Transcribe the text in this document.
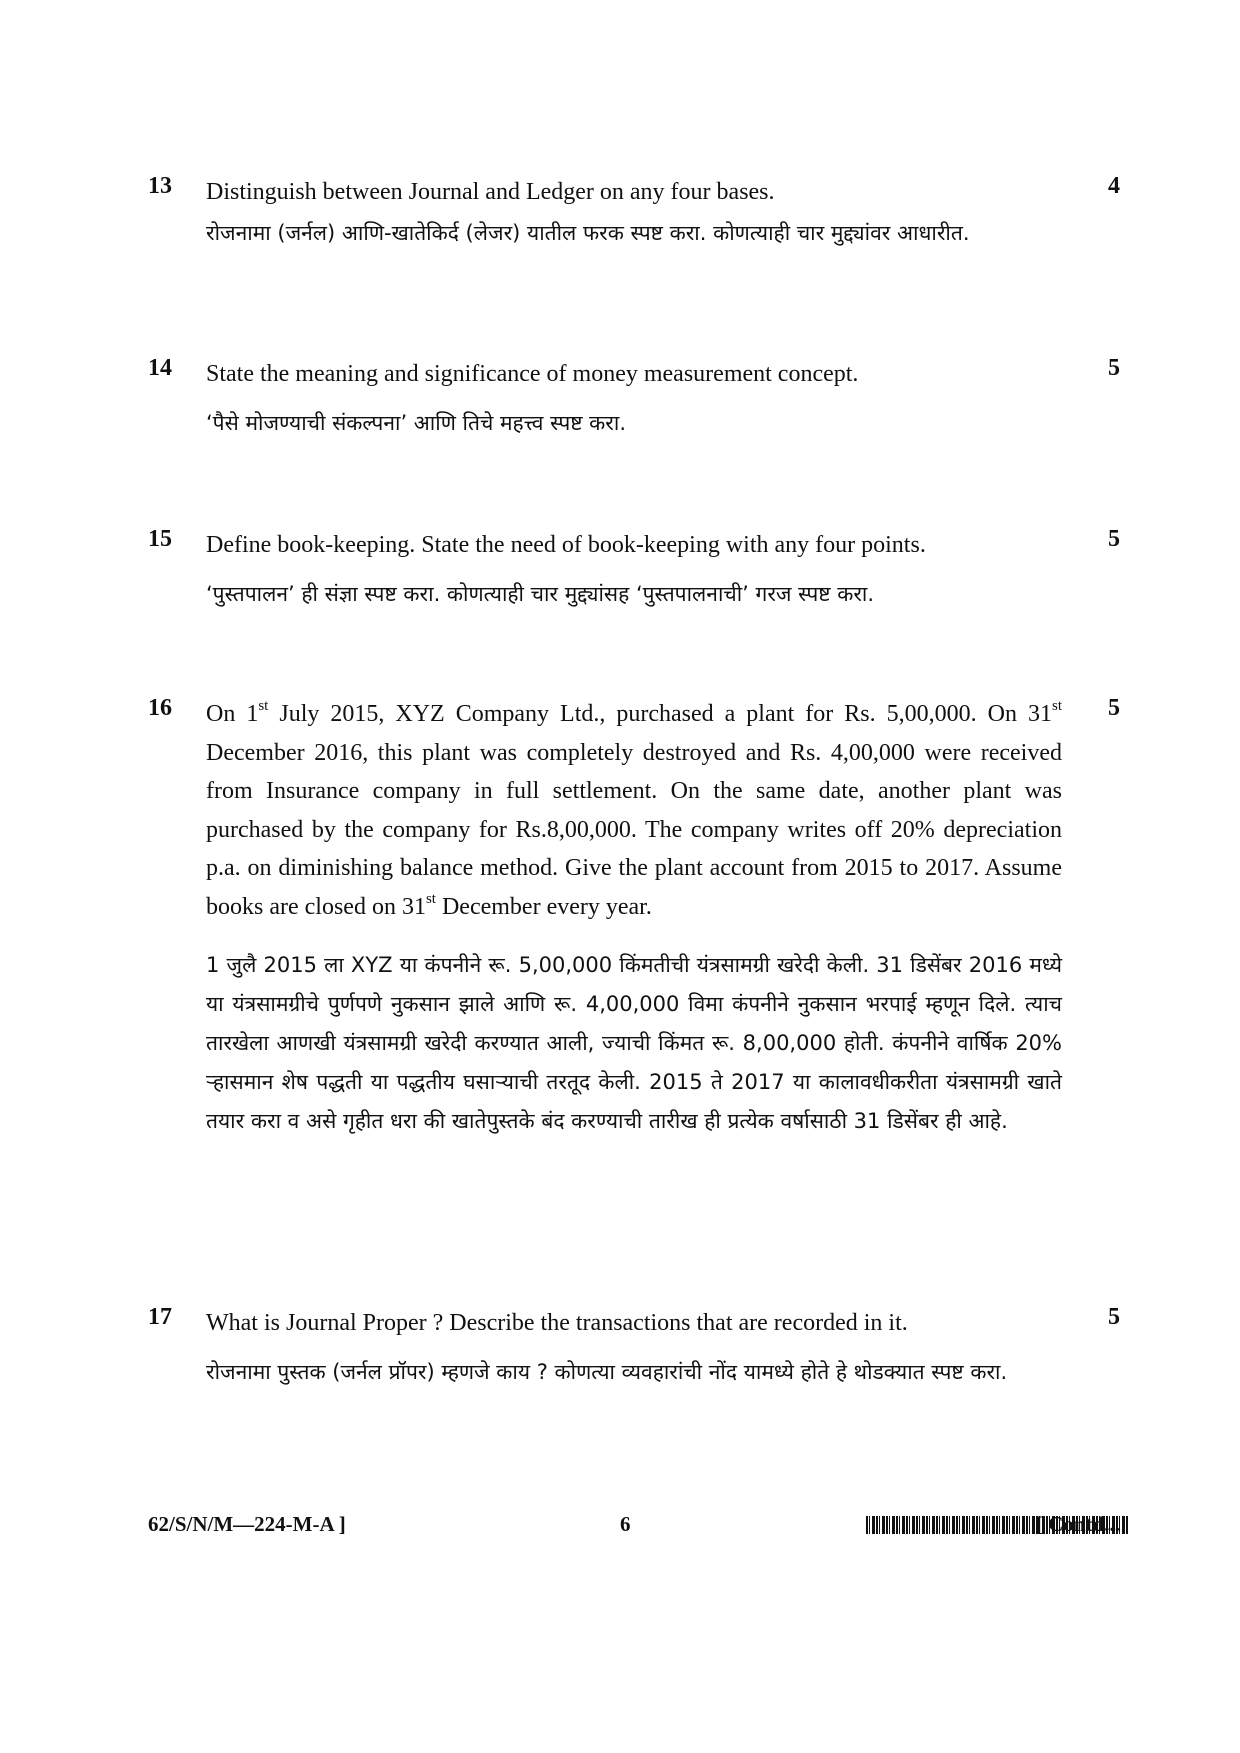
13	4
Distinguish between Journal and Ledger on any four bases.
रोजनामा (जर्नल) आणि-खातेकिर्द (लेजर) यातील फरक स्पष्ट करा. कोणत्याही चार मुद्द्यांवर आधारीत.
14	5
State the meaning and significance of money measurement concept.
‘पैसे मोजण्याची संकल्पना’ आणि तिचे महत्त्व स्पष्ट करा.
15	5
Define book-keeping. State the need of book-keeping with any four points.
‘पुस्तपालन’ ही संज्ञा स्पष्ट करा. कोणत्याही चार मुद्द्यांसह ‘पुस्तपालनाची’ गरज स्पष्ट करा.
16	5
On 1st July 2015, XYZ Company Ltd., purchased a plant for Rs. 5,00,000. On 31st December 2016, this plant was completely destroyed and Rs. 4,00,000 were received from Insurance company in full settlement. On the same date, another plant was purchased by the company for Rs.8,00,000. The company writes off 20% depreciation p.a. on diminishing balance method. Give the plant account from 2015 to 2017. Assume books are closed on 31st December every year.
1 जुलै 2015 ला XYZ या कंपनीने रू. 5,00,000 किंमतीची यंत्रसामग्री खरेदी केली. 31 डिसेंबर 2016 मध्ये या यंत्रसामग्रीचे पुर्णपणे नुकसान झाले आणि रू. 4,00,000 विमा कंपनीने नुकसान भरपाई म्हणून दिले. त्याच तारखेला आणखी यंत्रसामग्री खरेदी करण्यात आली, ज्याची किंमत रू. 8,00,000 होती. कंपनीने वार्षिक 20% ऱ्हासमान शेष पद्धती या पद्धतीय घसाऱ्याची तरतूद केली. 2015 ते 2017 या कालावधीकरीता यंत्रसामग्री खाते तयार करा व असे गृहीत धरा की खातेपुस्तके बंद करण्याची तारीख ही प्रत्येक वर्षासाठी 31 डिसेंबर ही आहे.
17	5
What is Journal Proper ? Describe the transactions that are recorded in it.
रोजनामा पुस्तक (जर्नल प्रॉपर) म्हणजे काय ? कोणत्या व्यवहारांची नोंद यामध्ये होते हे थोडक्यात स्पष्ट करा.
62/S/N/M—224-M-A ]	6	[ Contd...
